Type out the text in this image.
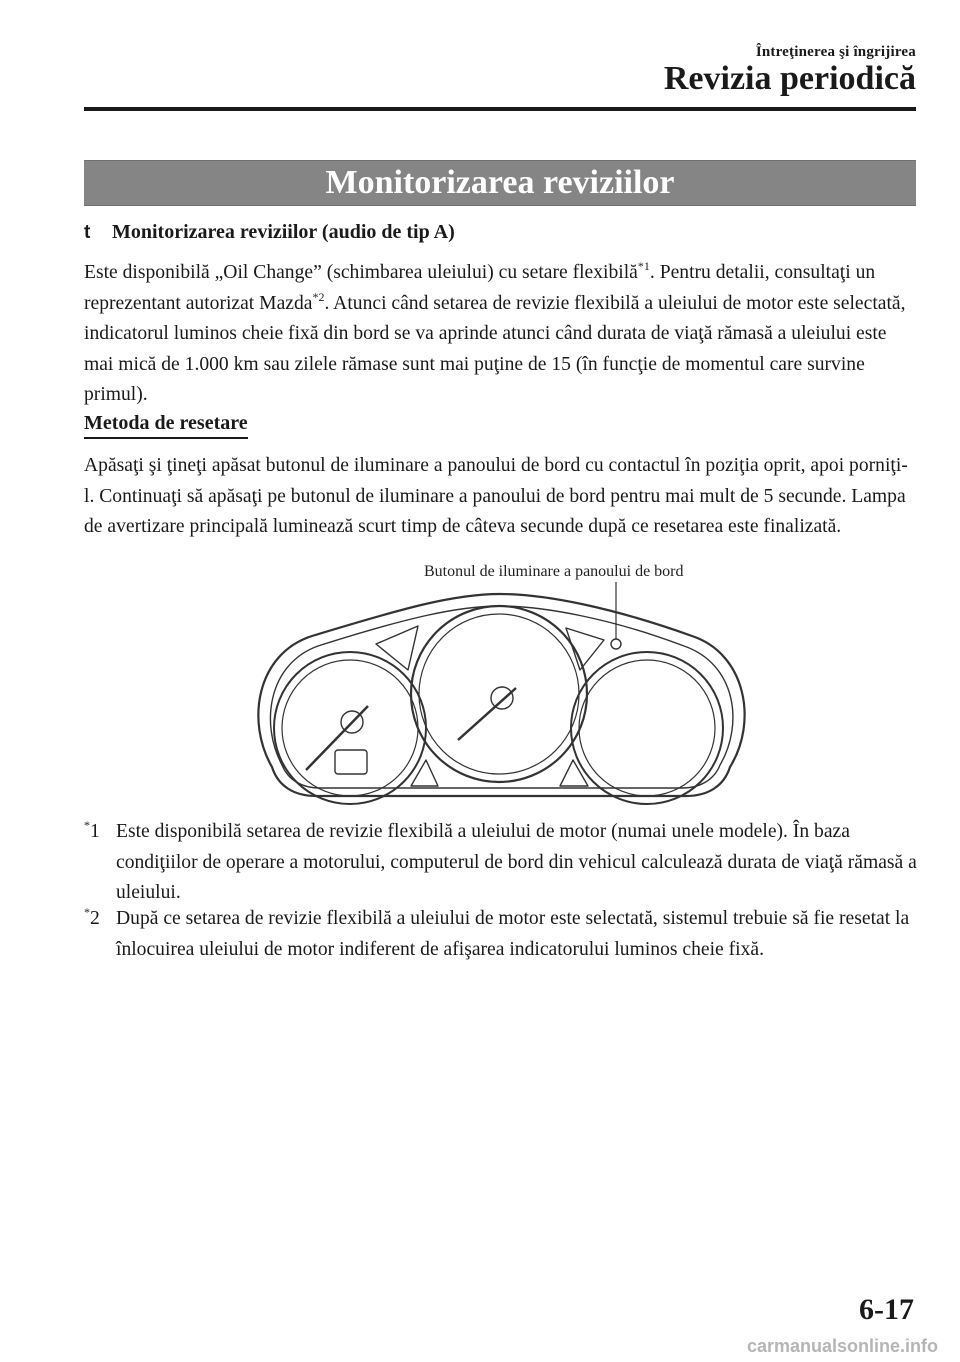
Întreţinerea şi îngrijirea
Revizia periodică
Monitorizarea reviziilor
t	Monitorizarea reviziilor (audio de tip A)

Este disponibilă „Oil Change” (schimbarea uleiului) cu setare flexibilă$^{*1}$. Pentru detalii, consultaţi un reprezentant autorizat Mazda$^{*2}$. Atunci când setarea de revizie flexibilă a uleiului de motor este selectată, indicatorul luminos cheie fixă din bord se va aprinde atunci când durata de viaţă rămasă a uleiului este mai mică de 1.000 km sau zilele rămase sunt mai puţine de 15 (în funcţie de momentul care survine primul).

Metoda de resetare

Apăsaţi şi ţineţi apăsat butonul de iluminare a panoului de bord cu contactul în poziţia oprit, apoi porniţi-l. Continuaţi să apăsaţi pe butonul de iluminare a panoului de bord pentru mai mult de 5 secunde. Lampa de avertizare principală luminează scurt timp de câteva secunde după ce resetarea este finalizată.

Butonul de iluminare a panoului de bord
*1 Este disponibilă setarea de revizie flexibilă a uleiului de motor (numai unele modele). În baza condiţiilor de operare a motorului, computerul de bord din vehicul calculează durata de viaţă rămasă a uleiului.
*2 După ce setarea de revizie flexibilă a uleiului de motor este selectată, sistemul trebuie să fie resetat la înlocuirea uleiului de motor indiferent de afişarea indicatorului luminos cheie fixă.
6-17
carmanualsonline.info
